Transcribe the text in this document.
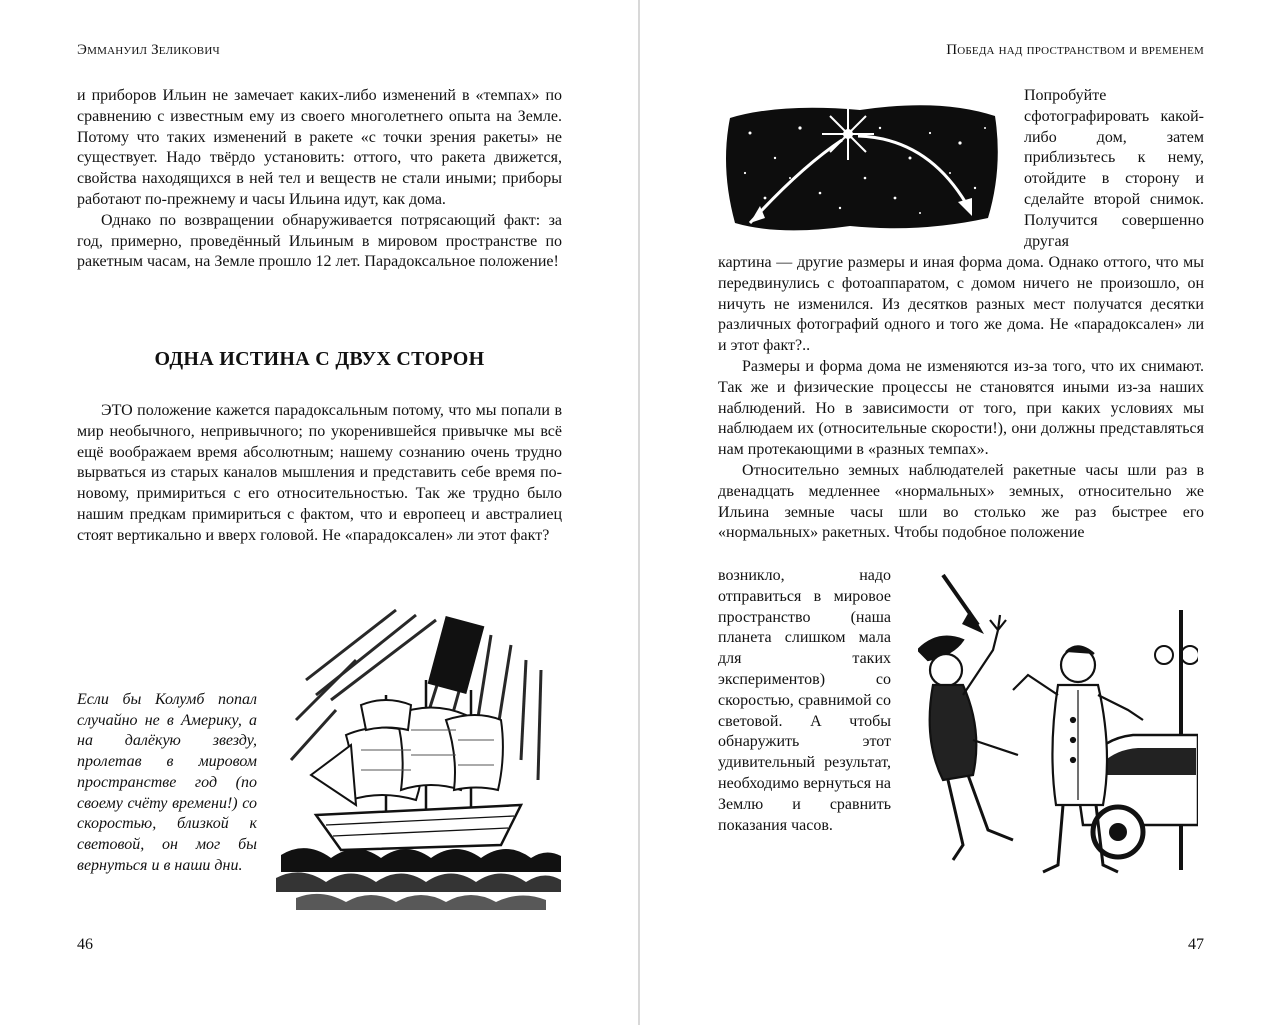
Эммануил Зеликович

и приборов Ильин не замечает каких-либо изменений в «темпах» по сравнению с известным ему из своего многолетнего опыта на Земле. Потому что таких изменений в ракете «с точки зрения ракеты» не существует. Надо твёрдо установить: оттого, что ракета движется, свойства находящихся в ней тел и веществ не стали иными; приборы работают по-прежнему и часы Ильина идут, как дома.

Однако по возвращении обнаруживается потрясающий факт: за год, примерно, проведённый Ильиным в мировом пространстве по ракетным часам, на Земле прошло 12 лет. Парадоксальное положение!

ОДНА ИСТИНА С ДВУХ СТОРОН

ЭТО положение кажется парадоксальным потому, что мы попали в мир необычного, непривычного; по укоренившейся привычке мы всё ещё воображаем время абсолютным; нашему сознанию очень трудно вырваться из старых каналов мышления и представить себе время по-новому, примириться с его относительностью. Так же трудно было нашим предкам примириться с фактом, что и европеец и австралиец стоят вертикально и вверх головой. Не «парадоксален» ли этот факт?

Если бы Колумб попал случайно не в Америку, а на далёкую звезду, пролетав в мировом пространстве год (по своему счёту времени!) со скоростью, близкой к световой, он мог бы вернуться и в наши дни.
46
Победа над пространством и временем

Попробуйте сфотографировать какой-либо дом, затем приблизьтесь к нему, отойдите в сторону и сделайте второй снимок. Получится совершенно другая

картина — другие размеры и иная форма дома. Однако оттого, что мы передвинулись с фотоаппаратом, с домом ничего не произошло, он ничуть не изменился. Из десятков разных мест получатся десятки различных фотографий одного и того же дома. Не «парадоксален» ли и этот факт?..

Размеры и форма дома не изменяются из-за того, что их снимают. Так же и физические процессы не становятся иными из-за наших наблюдений. Но в зависимости от того, при каких условиях мы наблюдаем их (относительные скорости!), они должны представляться нам протекающими в «разных темпах».

Относительно земных наблюдателей ракетные часы шли раз в двенадцать медленнее «нормальных» земных, относительно же Ильина земные часы шли во столько же раз быстрее его «нормальных» ракетных. Чтобы подобное положение

возникло, надо отправиться в мировое пространство (наша планета слишком мала для таких экспериментов) со скоростью, сравнимой со световой. А чтобы обнаружить этот удивительный результат, необходимо вернуться на Землю и сравнить показания часов.

47
